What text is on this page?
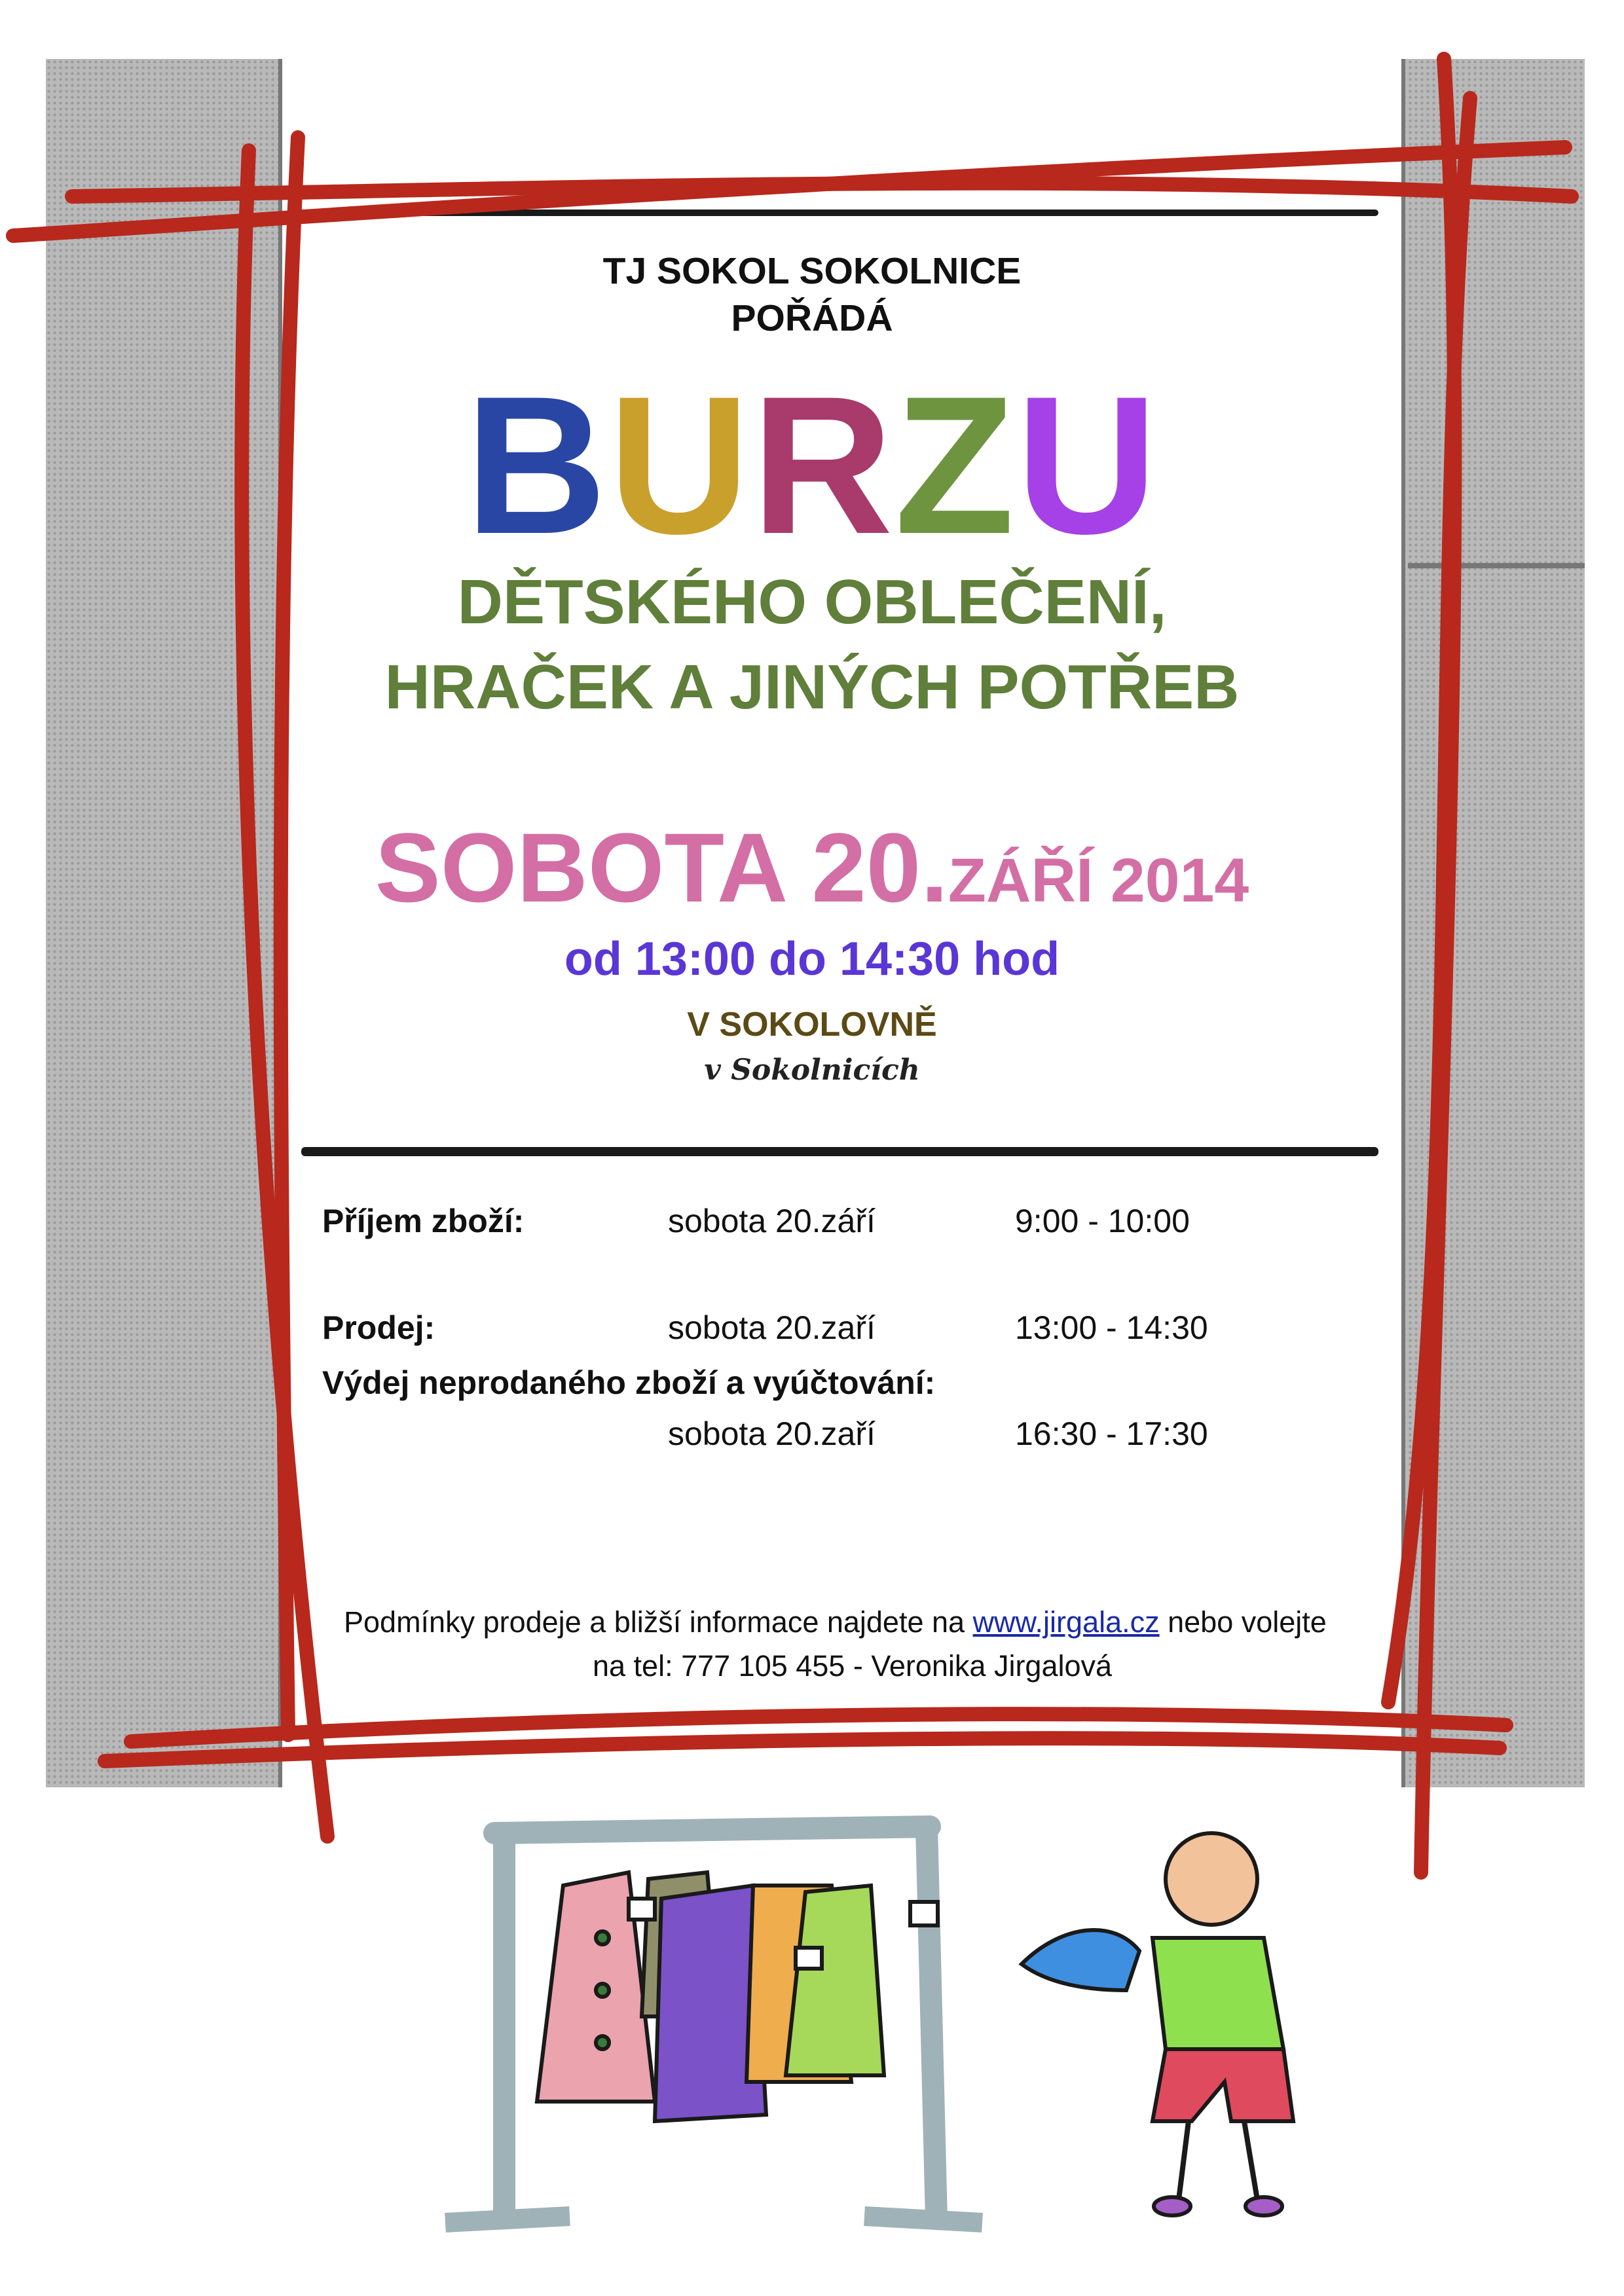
TJ SOKOL SOKOLNICE
POŘÁDÁ
BURZU
DĚTSKÉHO OBLEČENÍ,
HRAČEK A JINÝCH POTŘEB
SOBOTA 20.ZÁŘÍ 2014
od 13:00 do 14:30 hod
V SOKOLOVNĚ
v Sokolnicích
Příjem zboží:	sobota 20.září	9:00 - 10:00
Prodej:	sobota 20.zaří	13:00 - 14:30
Výdej neprodaného zboží a vyúčtování:
sobota 20.zaří	16:30 - 17:30
Podmínky prodeje a bližší informace najdete na www.jirgala.cz nebo volejte
na tel: 777 105 455 - Veronika Jirgalová
